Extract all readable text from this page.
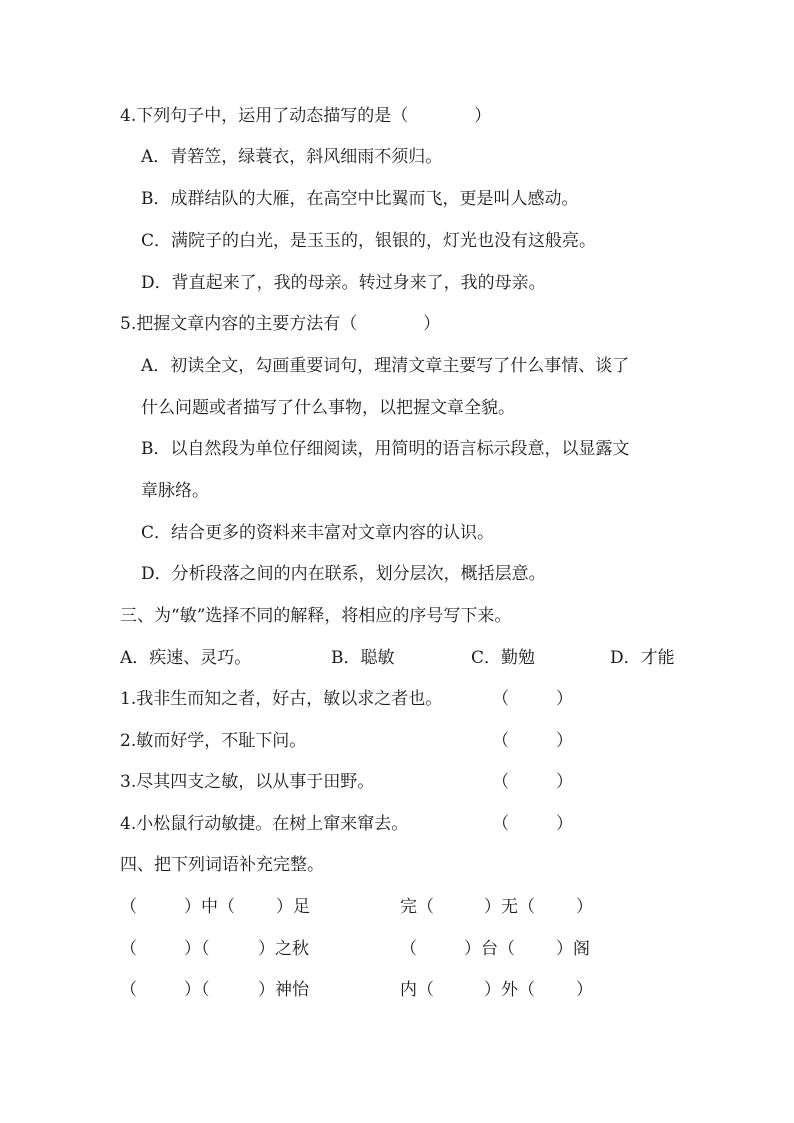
4.下列句子中，运用了动态描写的是（	）
A．青箬笠，绿蓑衣，斜风细雨不须归。
B．成群结队的大雁，在高空中比翼而飞，更是叫人感动。
C．满院子的白光，是玉玉的，银银的，灯光也没有这般亮。
D．背直起来了，我的母亲。转过身来了，我的母亲。
5.把握文章内容的主要方法有（	）
A．初读全文，勾画重要词句，理清文章主要写了什么事情、谈了
什么问题或者描写了什么事物，以把握文章全貌。
B．以自然段为单位仔细阅读，用简明的语言标示段意，以显露文
章脉络。
C．结合更多的资料来丰富对文章内容的认识。
D．分析段落之间的内在联系，划分层次，概括层意。
三、为“敏”选择不同的解释，将相应的序号写下来。
A．疾速、灵巧。	B．聪敏	C．勤勉	D．才能
1.我非生而知之者，好古，敏以求之者也。	（	）
2.敏而好学，不耻下问。	（	）
3.尽其四支之敏，以从事于田野。	（	）
4.小松鼠行动敏捷。在树上窜来窜去。	（	）
四、把下列词语补充完整。
（	）中（ ）足	完（	）无（ ）
（	）（	）之秋	（	）台（ ）阁
（	）（	）神怡	内（	）外（ ）
